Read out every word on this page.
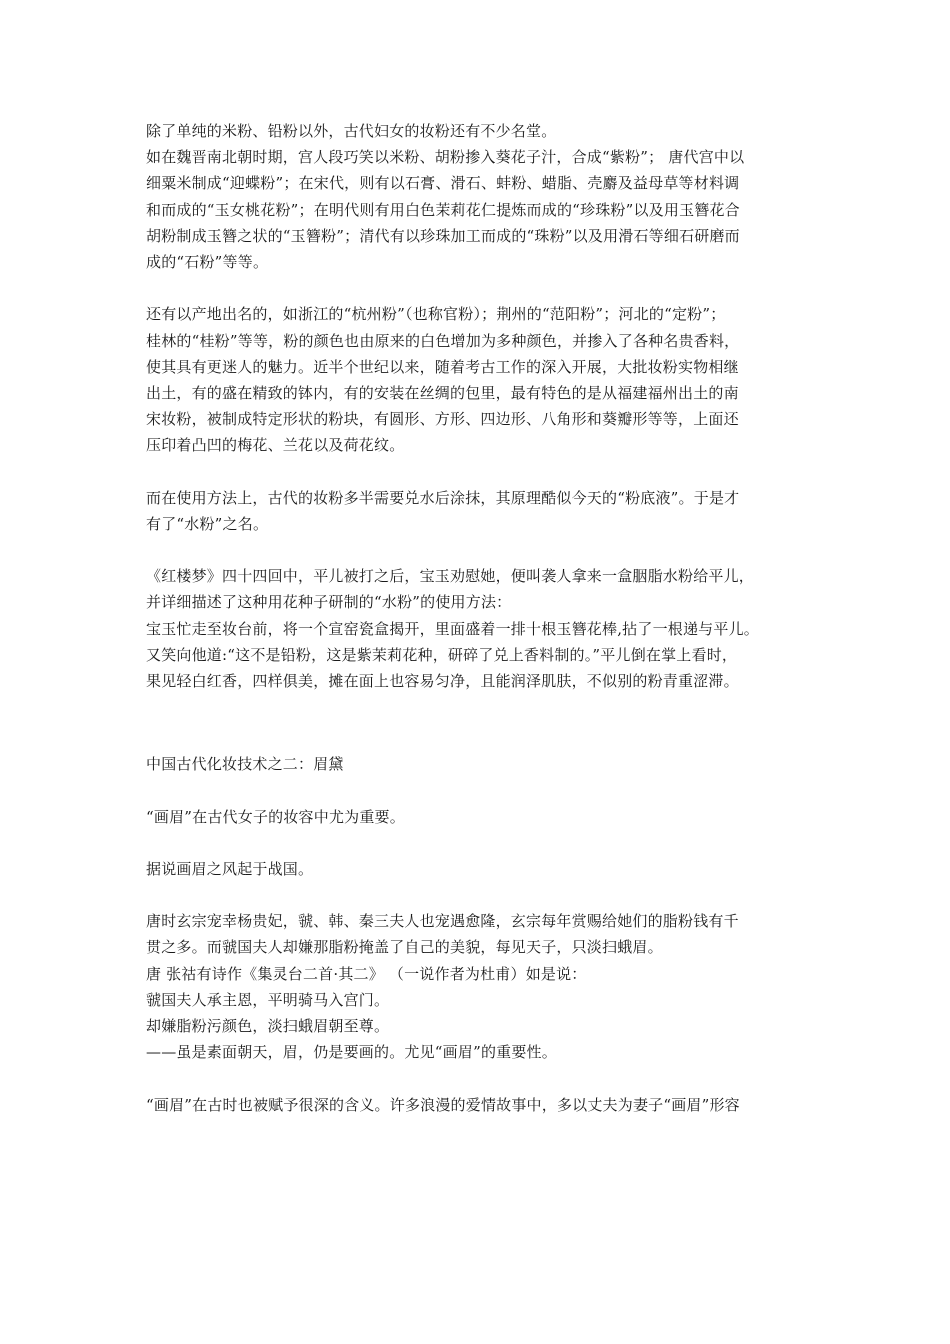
除了单纯的米粉、铅粉以外，古代妇女的妆粉还有不少名堂。
如在魏晋南北朝时期，宫人段巧笑以米粉、胡粉掺入葵花子汁，合成“紫粉”； 唐代宫中以
细粟米制成“迎蝶粉”；在宋代，则有以石膏、滑石、蚌粉、蜡脂、壳麝及益母草等材料调
和而成的“玉女桃花粉”；在明代则有用白色茉莉花仁提炼而成的“珍珠粉”以及用玉簪花合
胡粉制成玉簪之状的“玉簪粉”；清代有以珍珠加工而成的“珠粉”以及用滑石等细石研磨而
成的“石粉”等等。
还有以产地出名的，如浙江的“杭州粉”（也称官粉）；荆州的“范阳粉”；河北的“定粉”；
桂林的“桂粉”等等，粉的颜色也由原来的白色增加为多种颜色，并掺入了各种名贵香料，
使其具有更迷人的魅力。近半个世纪以来，随着考古工作的深入开展，大批妆粉实物相继
出土，有的盛在精致的钵内，有的安装在丝绸的包里，最有特色的是从福建福州出土的南
宋妆粉，被制成特定形状的粉块，有圆形、方形、四边形、八角形和葵瓣形等等，上面还
压印着凸凹的梅花、兰花以及荷花纹。
而在使用方法上，古代的妆粉多半需要兑水后涂抹，其原理酷似今天的“粉底液”。于是才
有了“水粉”之名。
《红楼梦》四十四回中，平儿被打之后，宝玉劝慰她，便叫袭人拿来一盒胭脂水粉给平儿，
并详细描述了这种用花种子研制的“水粉”的使用方法：
宝玉忙走至妆台前，将一个宣窑瓷盒揭开，里面盛着一排十根玉簪花棒,拈了一根递与平儿。
又笑向他道:“这不是铅粉，这是紫茉莉花种，研碎了兑上香料制的。”平儿倒在掌上看时，
果见轻白红香，四样俱美，摊在面上也容易匀净，且能润泽肌肤，不似别的粉青重涩滞。
中国古代化妆技术之二：眉黛
“画眉”在古代女子的妆容中尤为重要。
据说画眉之风起于战国。
唐时玄宗宠幸杨贵妃，虢、韩、秦三夫人也宠遇愈隆，玄宗每年赏赐给她们的脂粉钱有千
贯之多。而虢国夫人却嫌那脂粉掩盖了自己的美貌，每见天子，只淡扫蛾眉。
唐 张祜有诗作《集灵台二首·其二》 （一说作者为杜甫）如是说：
虢国夫人承主恩，平明骑马入宫门。
却嫌脂粉污颜色，淡扫蛾眉朝至尊。
——虽是素面朝天，眉，仍是要画的。尤见“画眉”的重要性。
“画眉”在古时也被赋予很深的含义。许多浪漫的爱情故事中，多以丈夫为妻子“画眉”形容
